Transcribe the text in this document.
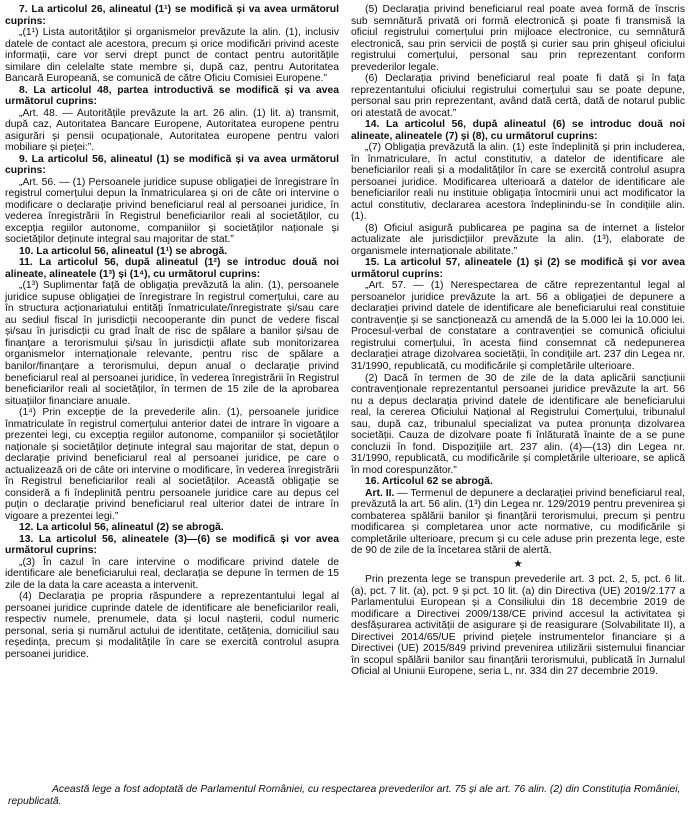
7. La articolul 26, alineatul (1¹) se modifică și va avea următorul cuprins:

„(1¹) Lista autorităților și organismelor prevăzute la alin. (1), inclusiv datele de contact ale acestora, precum și orice modificări privind aceste informații, care vor servi drept punct de contact pentru autoritățile similare din celelalte state membre și, după caz, pentru Autoritatea Bancară Europeană, se comunică de către Oficiu Comisiei Europene.”

8. La articolul 48, partea introductivă se modifică și va avea următorul cuprins:

„Art. 48. — Autoritățile prevăzute la art. 26 alin. (1) lit. a) transmit, după caz, Autoritatea Bancare Europene, Autoritatea europene pentru asigurări și pensii ocupaționale, Autoritatea europene pentru valori mobiliare și pieței:”.

9. La articolul 56, alineatul (1) se modifică și va avea următorul cuprins:

„Art. 56. — (1) Persoanele juridice supuse obligației de înregistrare în registrul comerțului depun la înmatricularea și ori de câte ori intervine o modificare o declarație privind beneficiarul real al persoanei juridice, în vederea înregistrării în Registrul beneficiarilor reali al societăților, cu excepția regiilor autonome, companiilor și societăților naționale și societăților deținute integral sau majoritar de stat.”

10. La articolul 56, alineatul (1¹) se abrogă.

11. La articolul 56, după alineatul (1²) se introduc două noi alineate, alineatele (1³) și (1⁴), cu următorul cuprins:

„(1³) Suplimentar față de obligația prevăzută la alin. (1), persoanele juridice supuse obligației de înregistrare în registrul comerțului, care au în structura acționariatului entități înmatriculate/înregistrate și/sau care au sediul fiscal în jurisdicții necooperante din punct de vedere fiscal și/sau în jurisdicții cu grad înalt de risc de spălare a banilor și/sau de finanțare a terorismului și/sau în jurisdicții aflate sub monitorizarea organismelor internaționale relevante, pentru risc de spălare a banilor/finanțare a terorismului, depun anual o declarație privind beneficiarul real al persoanei juridice, în vederea înregistrării în Registrul beneficiarilor reali al societăților, în termen de 15 zile de la aprobarea situațiilor financiare anuale.

(1⁴) Prin excepție de la prevederile alin. (1), persoanele juridice înmatriculate în registrul comerțului anterior datei de intrare în vigoare a prezentei legi, cu excepția regiilor autonome, companiilor și societăților naționale și societăților deținute integral sau majoritar de stat, depun o declarație privind beneficiarul real al persoanei juridice, pe care o actualizează ori de câte ori intervine o modificare, în vederea înregistrării în Registrul beneficiarilor reali al societăților. Această obligație se consideră a fi îndeplinită pentru persoanele juridice care au depus cel puțin o declarație privind beneficiarul real ulterior datei de intrare în vigoare a prezentei legi.”

12. La articolul 56, alineatul (2) se abrogă.

13. La articolul 56, alineatele (3)—(6) se modifică și vor avea următorul cuprins:

„(3) În cazul în care intervine o modificare privind datele de identificare ale beneficiarului real, declarația se depune în termen de 15 zile de la data la care aceasta a intervenit.

(4) Declarația pe propria răspundere a reprezentantului legal al persoanei juridice cuprinde datele de identificare ale beneficiarilor reali, respectiv numele, prenumele, data și locul nașterii, codul numeric personal, seria și numărul actului de identitate, cetățenia, domiciliul sau reședința, precum și modalitățile în care se exercită controlul asupra persoanei juridice.

(5) Declarația privind beneficiarul real poate avea formă de înscris sub semnătură privată ori formă electronică și poate fi transmisă la oficiul registrului comerțului prin mijloace electronice, cu semnătură electronică, sau prin servicii de poștă și curier sau prin ghișeul oficiului registrului comerțului, personal sau prin reprezentant conform prevederilor legale.

(6) Declarația privind beneficiarul real poate fi dată și în fața reprezentantului oficiului registrului comerțului sau se poate depune, personal sau prin reprezentant, având dată certă, dată de notarul public ori atestată de avocat.”

14. La articolul 56, după alineatul (6) se introduc două noi alineate, alineatele (7) și (8), cu următorul cuprins:

„(7) Obligația prevăzută la alin. (1) este îndeplinită și prin includerea, în înmatriculare, în actul constitutiv, a datelor de identificare ale beneficiarilor reali și a modalităților în care se exercită controlul asupra persoanei juridice. Modificarea ulterioară a datelor de identificare ale beneficiarilor reali nu instituie obligația întocmirii unui act modificator la actul constitutiv, declararea acestora îndeplinindu-se în condițiile alin. (1).

(8) Oficiul asigură publicarea pe pagina sa de internet a listelor actualizate ale jurisdicțiilor prevăzute la alin. (1³), elaborate de organismele internaționale abilitate.”

15. La articolul 57, alineatele (1) și (2) se modifică și vor avea următorul cuprins:

„Art. 57. — (1) Nerespectarea de către reprezentantul legal al persoanelor juridice prevăzute la art. 56 a obligației de depunere a declarației privind datele de identificare ale beneficiarului real constituie contravenție și se sancționează cu amendă de la 5.000 lei la 10.000 lei. Procesul-verbal de constatare a contravenției se comunică oficiului registrului comerțului, în acesta fiind consemnat că nedepunerea declarației atrage dizolvarea societății, în condițiile art. 237 din Legea nr. 31/1990, republicată, cu modificările și completările ulterioare.

(2) Dacă în termen de 30 de zile de la data aplicării sancțiunii contravenționale reprezentantul persoanei juridice prevăzute la art. 56 nu a depus declarația privind datele de identificare ale beneficiarului real, la cererea Oficiului Național al Registrului Comerțului, tribunalul sau, după caz, tribunalul specializat va putea pronunța dizolvarea societății. Cauza de dizolvare poate fi înlăturată înainte de a se pune concluzii în fond. Dispozițiile art. 237 alin. (4)—(13) din Legea nr. 31/1990, republicată, cu modificările și completările ulterioare, se aplică în mod corespunzător.”

16. Articolul 62 se abrogă.

Art. II. — Termenul de depunere a declarației privind beneficiarul real, prevăzută la art. 56 alin. (1³) din Legea nr. 129/2019 pentru prevenirea și combaterea spălării banilor și finanțării terorismului, precum și pentru modificarea și completarea unor acte normative, cu modificările și completările ulterioare, precum și cu cele aduse prin prezenta lege, este de 90 de zile de la încetarea stării de alertă.

★

Prin prezenta lege se transpun prevederile art. 3 pct. 2, 5, pct. 6 lit. (a), pct. 7 lit. (a), pct. 9 și pct. 10 lit. (a) din Directiva (UE) 2019/2.177 a Parlamentului European și a Consiliului din 18 decembrie 2019 de modificare a Directivei 2009/138/CE privind accesul la activitatea și desfășurarea activității de asigurare și de reasigurare (Solvabilitate II), a Directivei 2014/65/UE privind piețele instrumentelor financiare și a Directivei (UE) 2015/849 privind prevenirea utilizării sistemului financiar în scopul spălării banilor sau finanțării terorismului, publicată în Jurnalul Oficial al Uniunii Europene, seria L, nr. 334 din 27 decembrie 2019.

Această lege a fost adoptată de Parlamentul României, cu respectarea prevederilor art. 75 și ale art. 76 alin. (2) din Constituția României, republicată.
